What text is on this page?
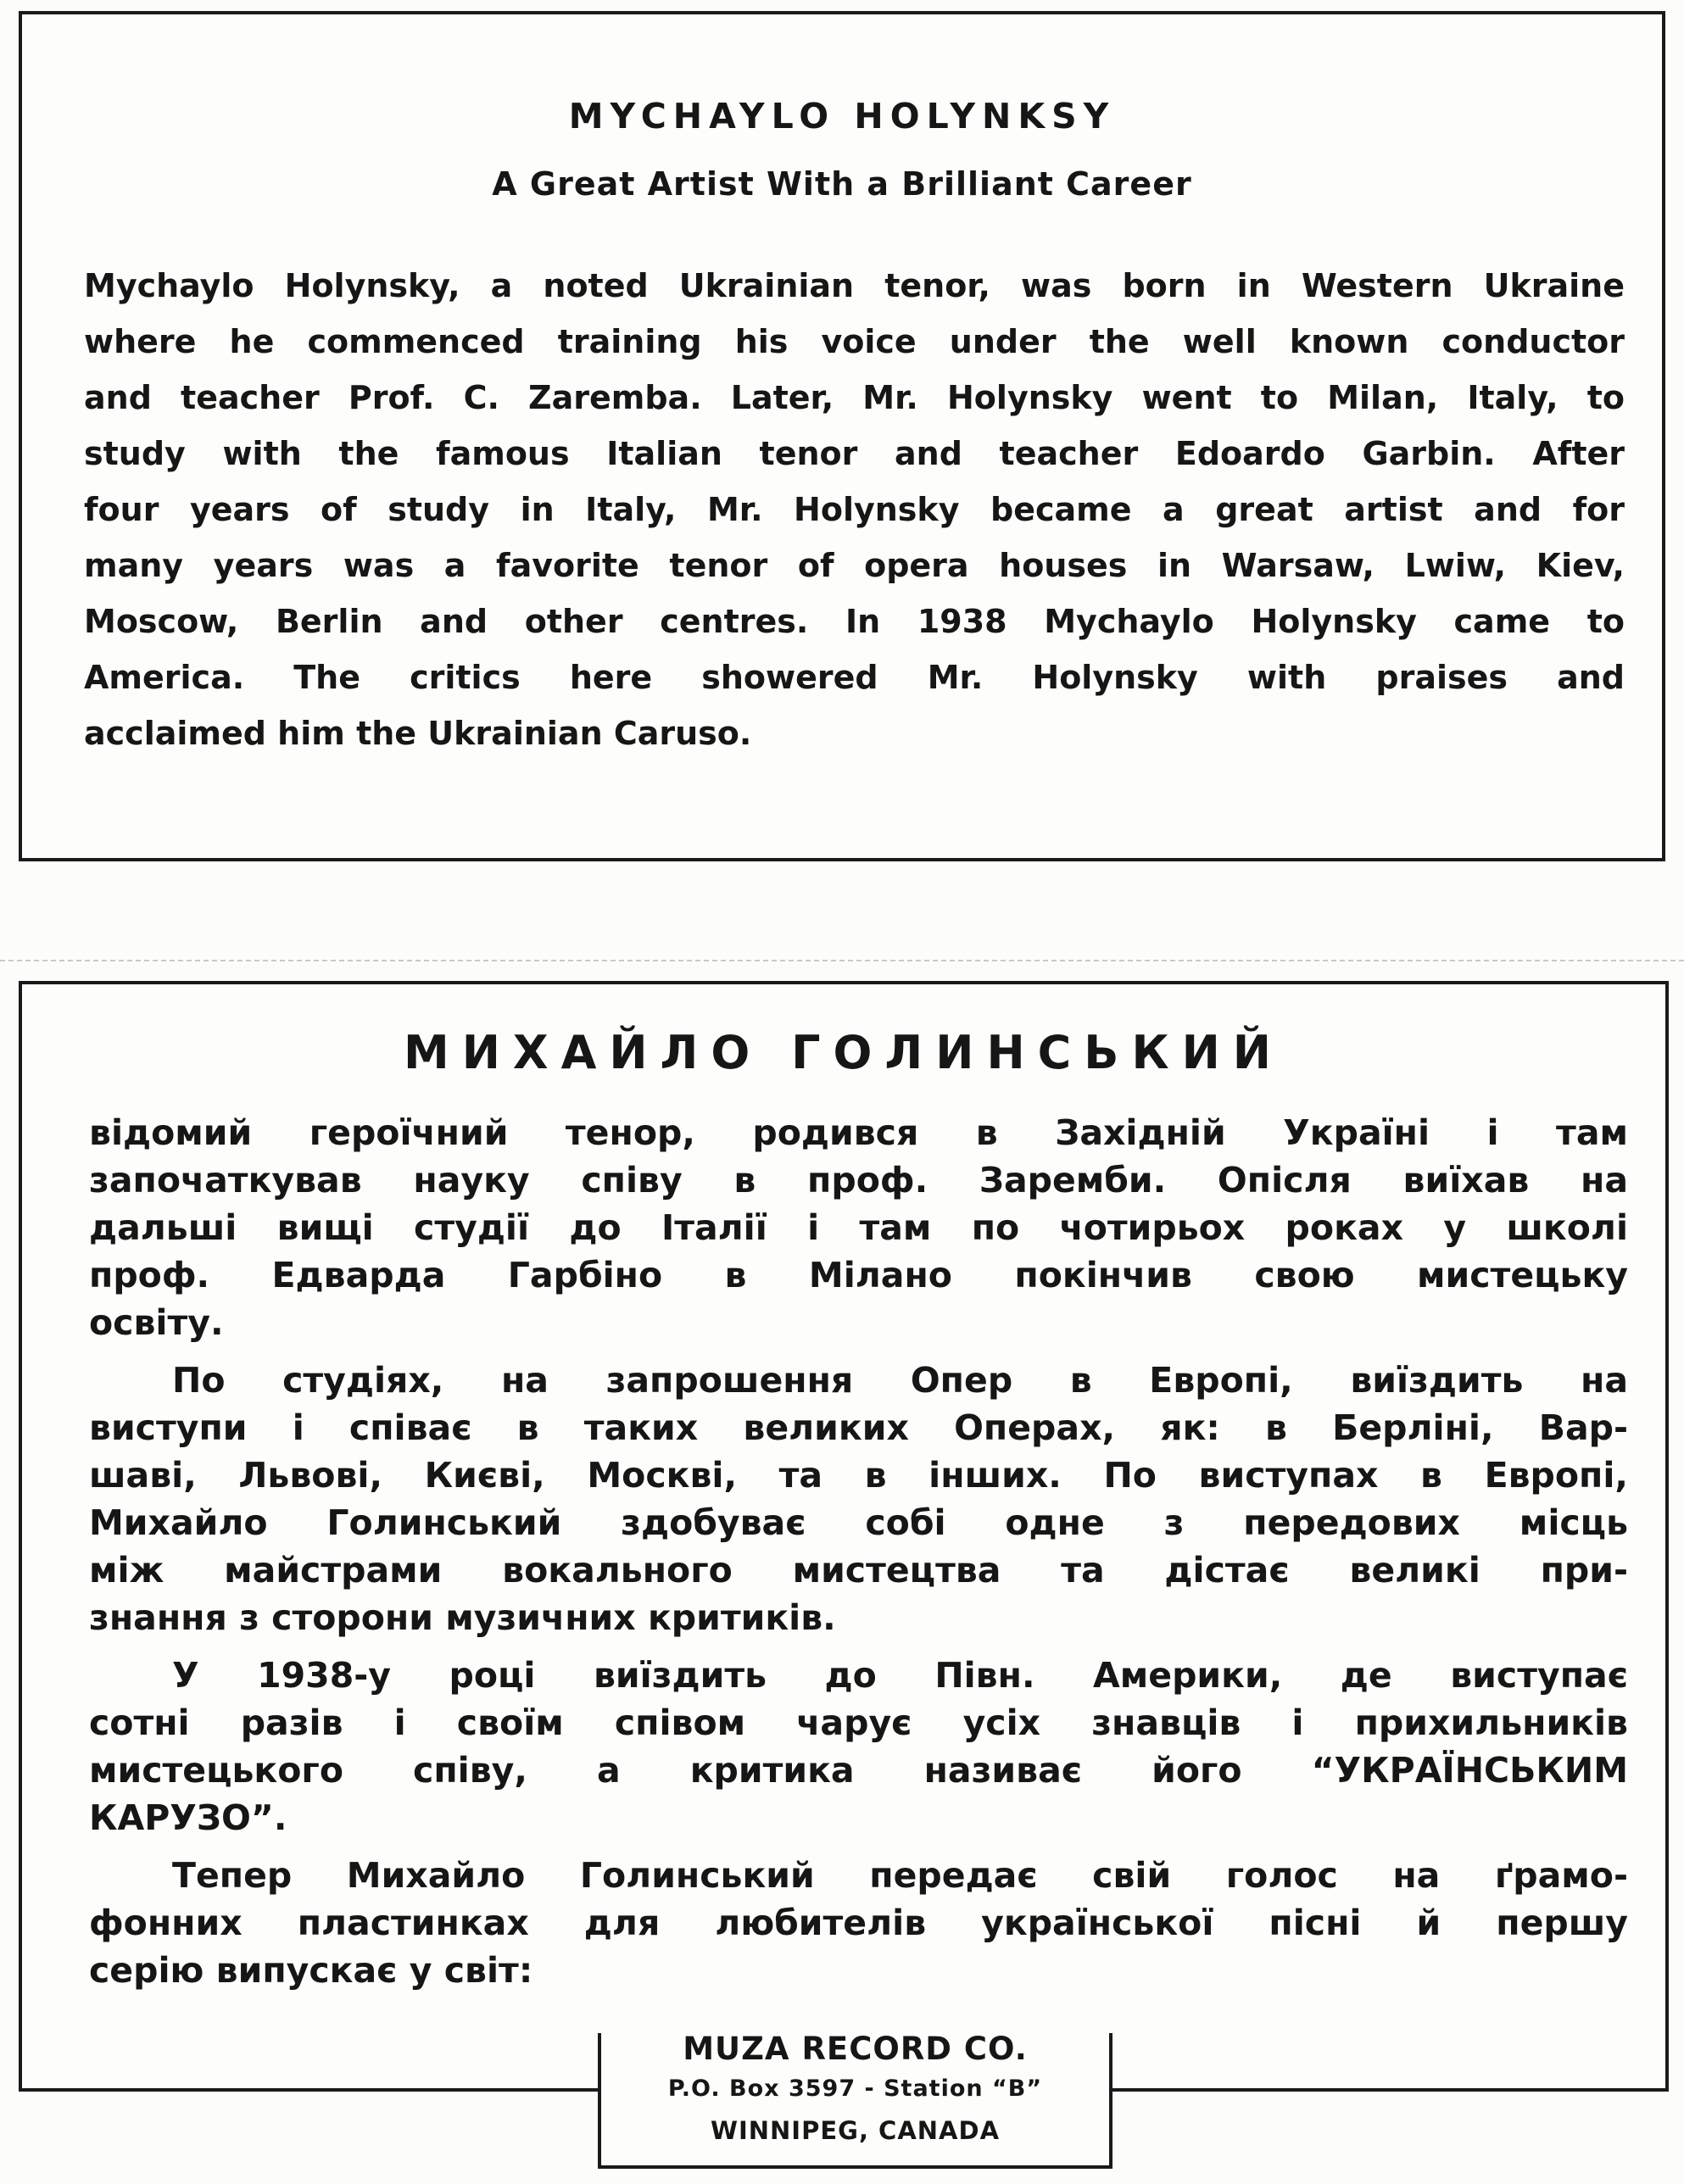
MYCHAYLO HOLYNKSY
A Great Artist With a Brilliant Career
Mychaylo Holynsky, a noted Ukrainian tenor, was born in Western Ukraine
where he commenced training his voice under the well known conductor
and teacher Prof. C. Zaremba. Later, Mr. Holynsky went to Milan, Italy, to
study with the famous Italian tenor and teacher Edoardo Garbin. After
four years of study in Italy, Mr. Holynsky became a great artist and for
many years was a favorite tenor of opera houses in Warsaw, Lwiw, Kiev,
Moscow, Berlin and other centres. In 1938 Mychaylo Holynsky came to
America. The critics here showered Mr. Holynsky with praises and
acclaimed him the Ukrainian Caruso.
МИХАЙЛО ГОЛИНСЬКИЙ
відомий героїчний тенор, родився в Західній Україні і там
започаткував науку співу в проф. Заремби. Опісля виїхав на
дальші вищі студії до Італії і там по чотирьох роках у школі
проф. Едварда Гарбіно в Мілано покінчив свою мистецьку
освіту.
По студіях, на запрошення Опер в Европі, виїздить на
виступи і співає в таких великих Операх, як: в Берліні, Вар-
шаві, Львові, Києві, Москві, та в інших. По виступах в Европі,
Михайло Голинський здобуває собі одне з передових місць
між майстрами вокального мистецтва та дістає великі при-
знання з сторони музичних критиків.
У 1938-у році виїздить до Півн. Америки, де виступає
сотні разів і своїм співом чарує усіх знавців і прихильників
мистецького співу, а критика називає його “УКРАЇНСЬКИМ
КАРУЗО”.
Тепер Михайло Голинський передає свій голос на ґрамо-
фонних пластинках для любителів української пісні й першу
серію випускає у світ:
MUZA RECORD CO.
P.O. Box 3597 - Station “B”
WINNIPEG, CANADA
